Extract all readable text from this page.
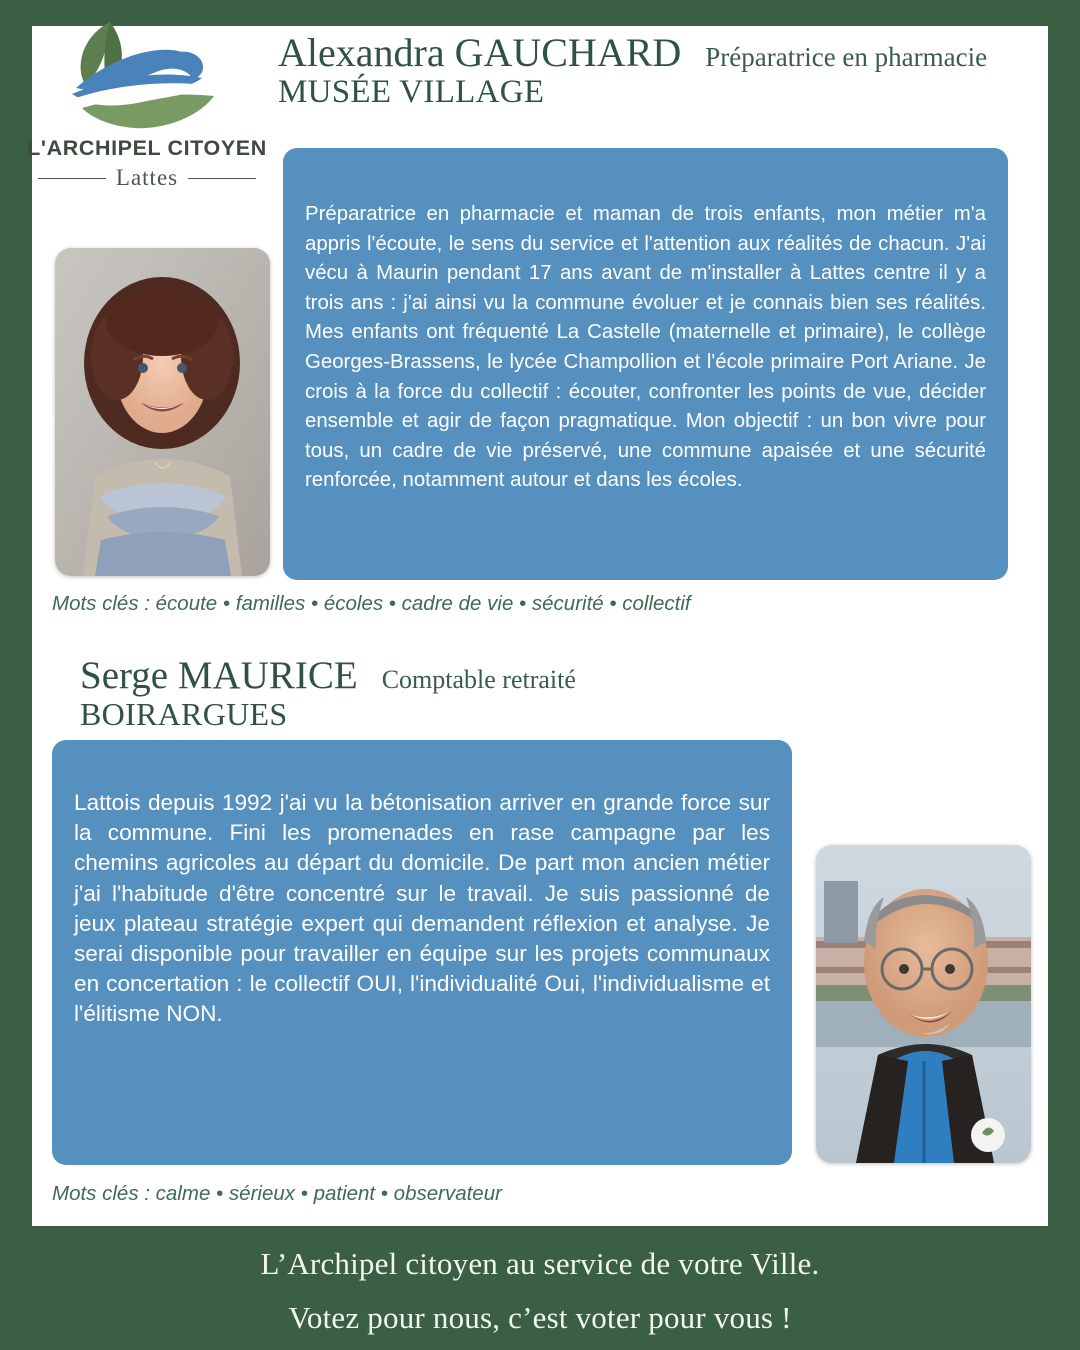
L'ARCHIPEL CITOYEN
Lattes
Alexandra GAUCHARD Préparatrice en pharmacie
MUSÉE VILLAGE

Préparatrice en pharmacie et maman de trois enfants, mon métier m'a appris l'écoute, le sens du service et l'attention aux réalités de chacun. J'ai vécu à Maurin pendant 17 ans avant de m'installer à Lattes centre il y a trois ans : j'ai ainsi vu la commune évoluer et je connais bien ses réalités. Mes enfants ont fréquenté La Castelle (maternelle et primaire), le collège Georges-Brassens, le lycée Champollion et l'école primaire Port Ariane. Je crois à la force du collectif : écouter, confronter les points de vue, décider ensemble et agir de façon pragmatique. Mon objectif : un bon vivre pour tous, un cadre de vie préservé, une commune apaisée et une sécurité renforcée, notamment autour et dans les écoles.

Mots clés : écoute • familles • écoles • cadre de vie • sécurité • collectif
Serge MAURICE Comptable retraité
BOIRARGUES

Lattois depuis 1992 j'ai vu la bétonisation arriver en grande force sur la commune. Fini les promenades en rase campagne par les chemins agricoles au départ du domicile. De part mon ancien métier j'ai l'habitude d'être concentré sur le travail. Je suis passionné de jeux plateau stratégie expert qui demandent réflexion et analyse. Je serai disponible pour travailler en équipe sur les projets communaux en concertation : le collectif OUI, l'individualité Oui, l'individualisme et l'élitisme NON.

Mots clés : calme • sérieux • patient • observateur
L’Archipel citoyen au service de votre Ville.
Votez pour nous, c’est voter pour vous !
